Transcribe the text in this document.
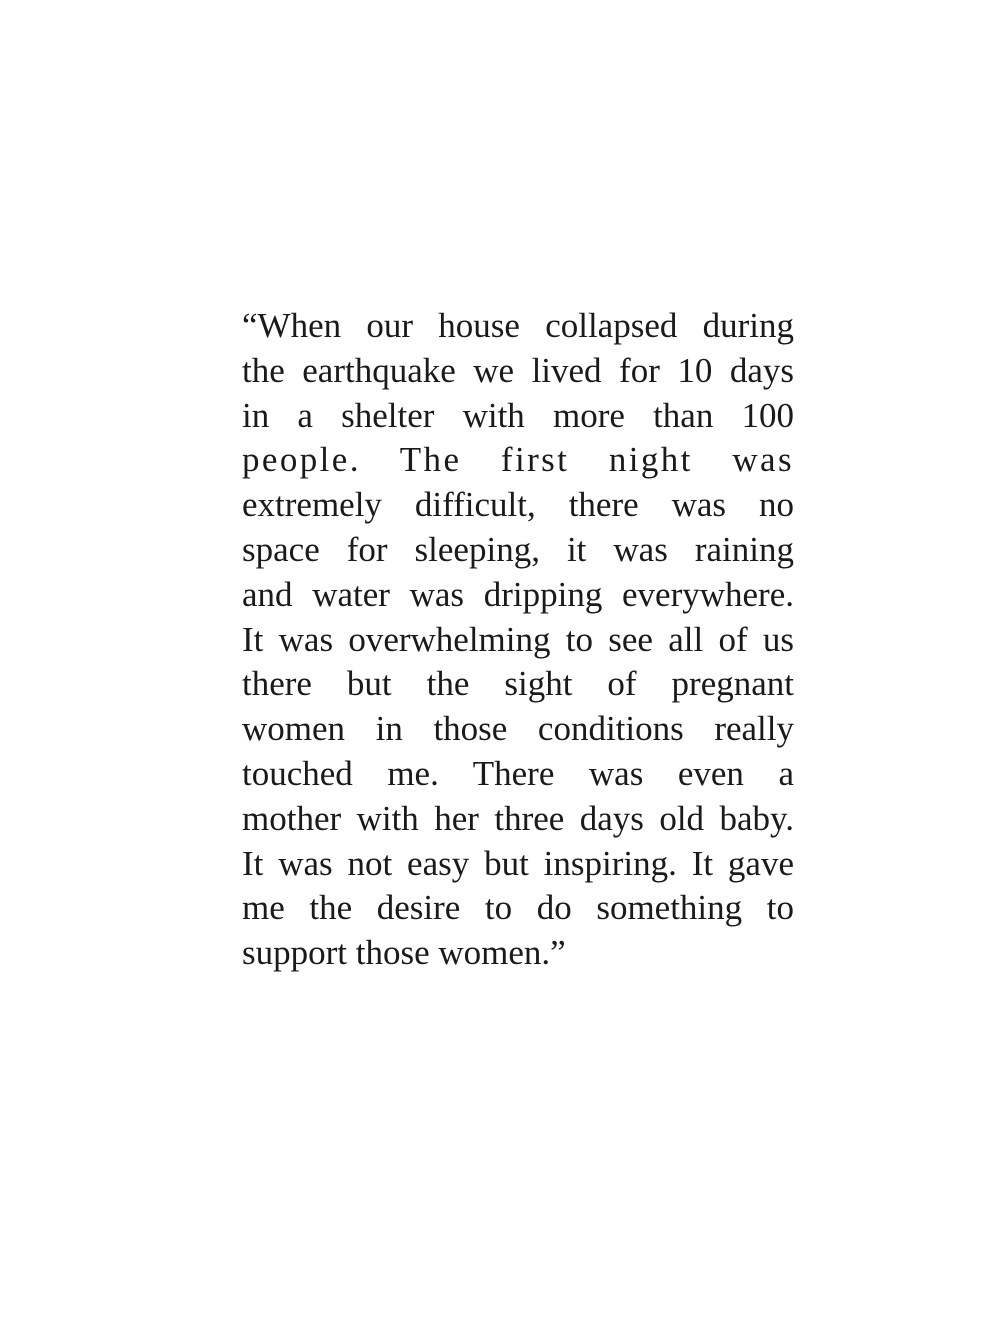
“When our house collapsed during
the earthquake we lived for 10 days
in a shelter with more than 100
people. The first night was
extremely difficult, there was no
space for sleeping, it was raining
and water was dripping everywhere.
It was overwhelming to see all of us
there but the sight of pregnant
women in those conditions really
touched me. There was even a
mother with her three days old baby.
It was not easy but inspiring. It gave
me the desire to do something to
support those women.”
